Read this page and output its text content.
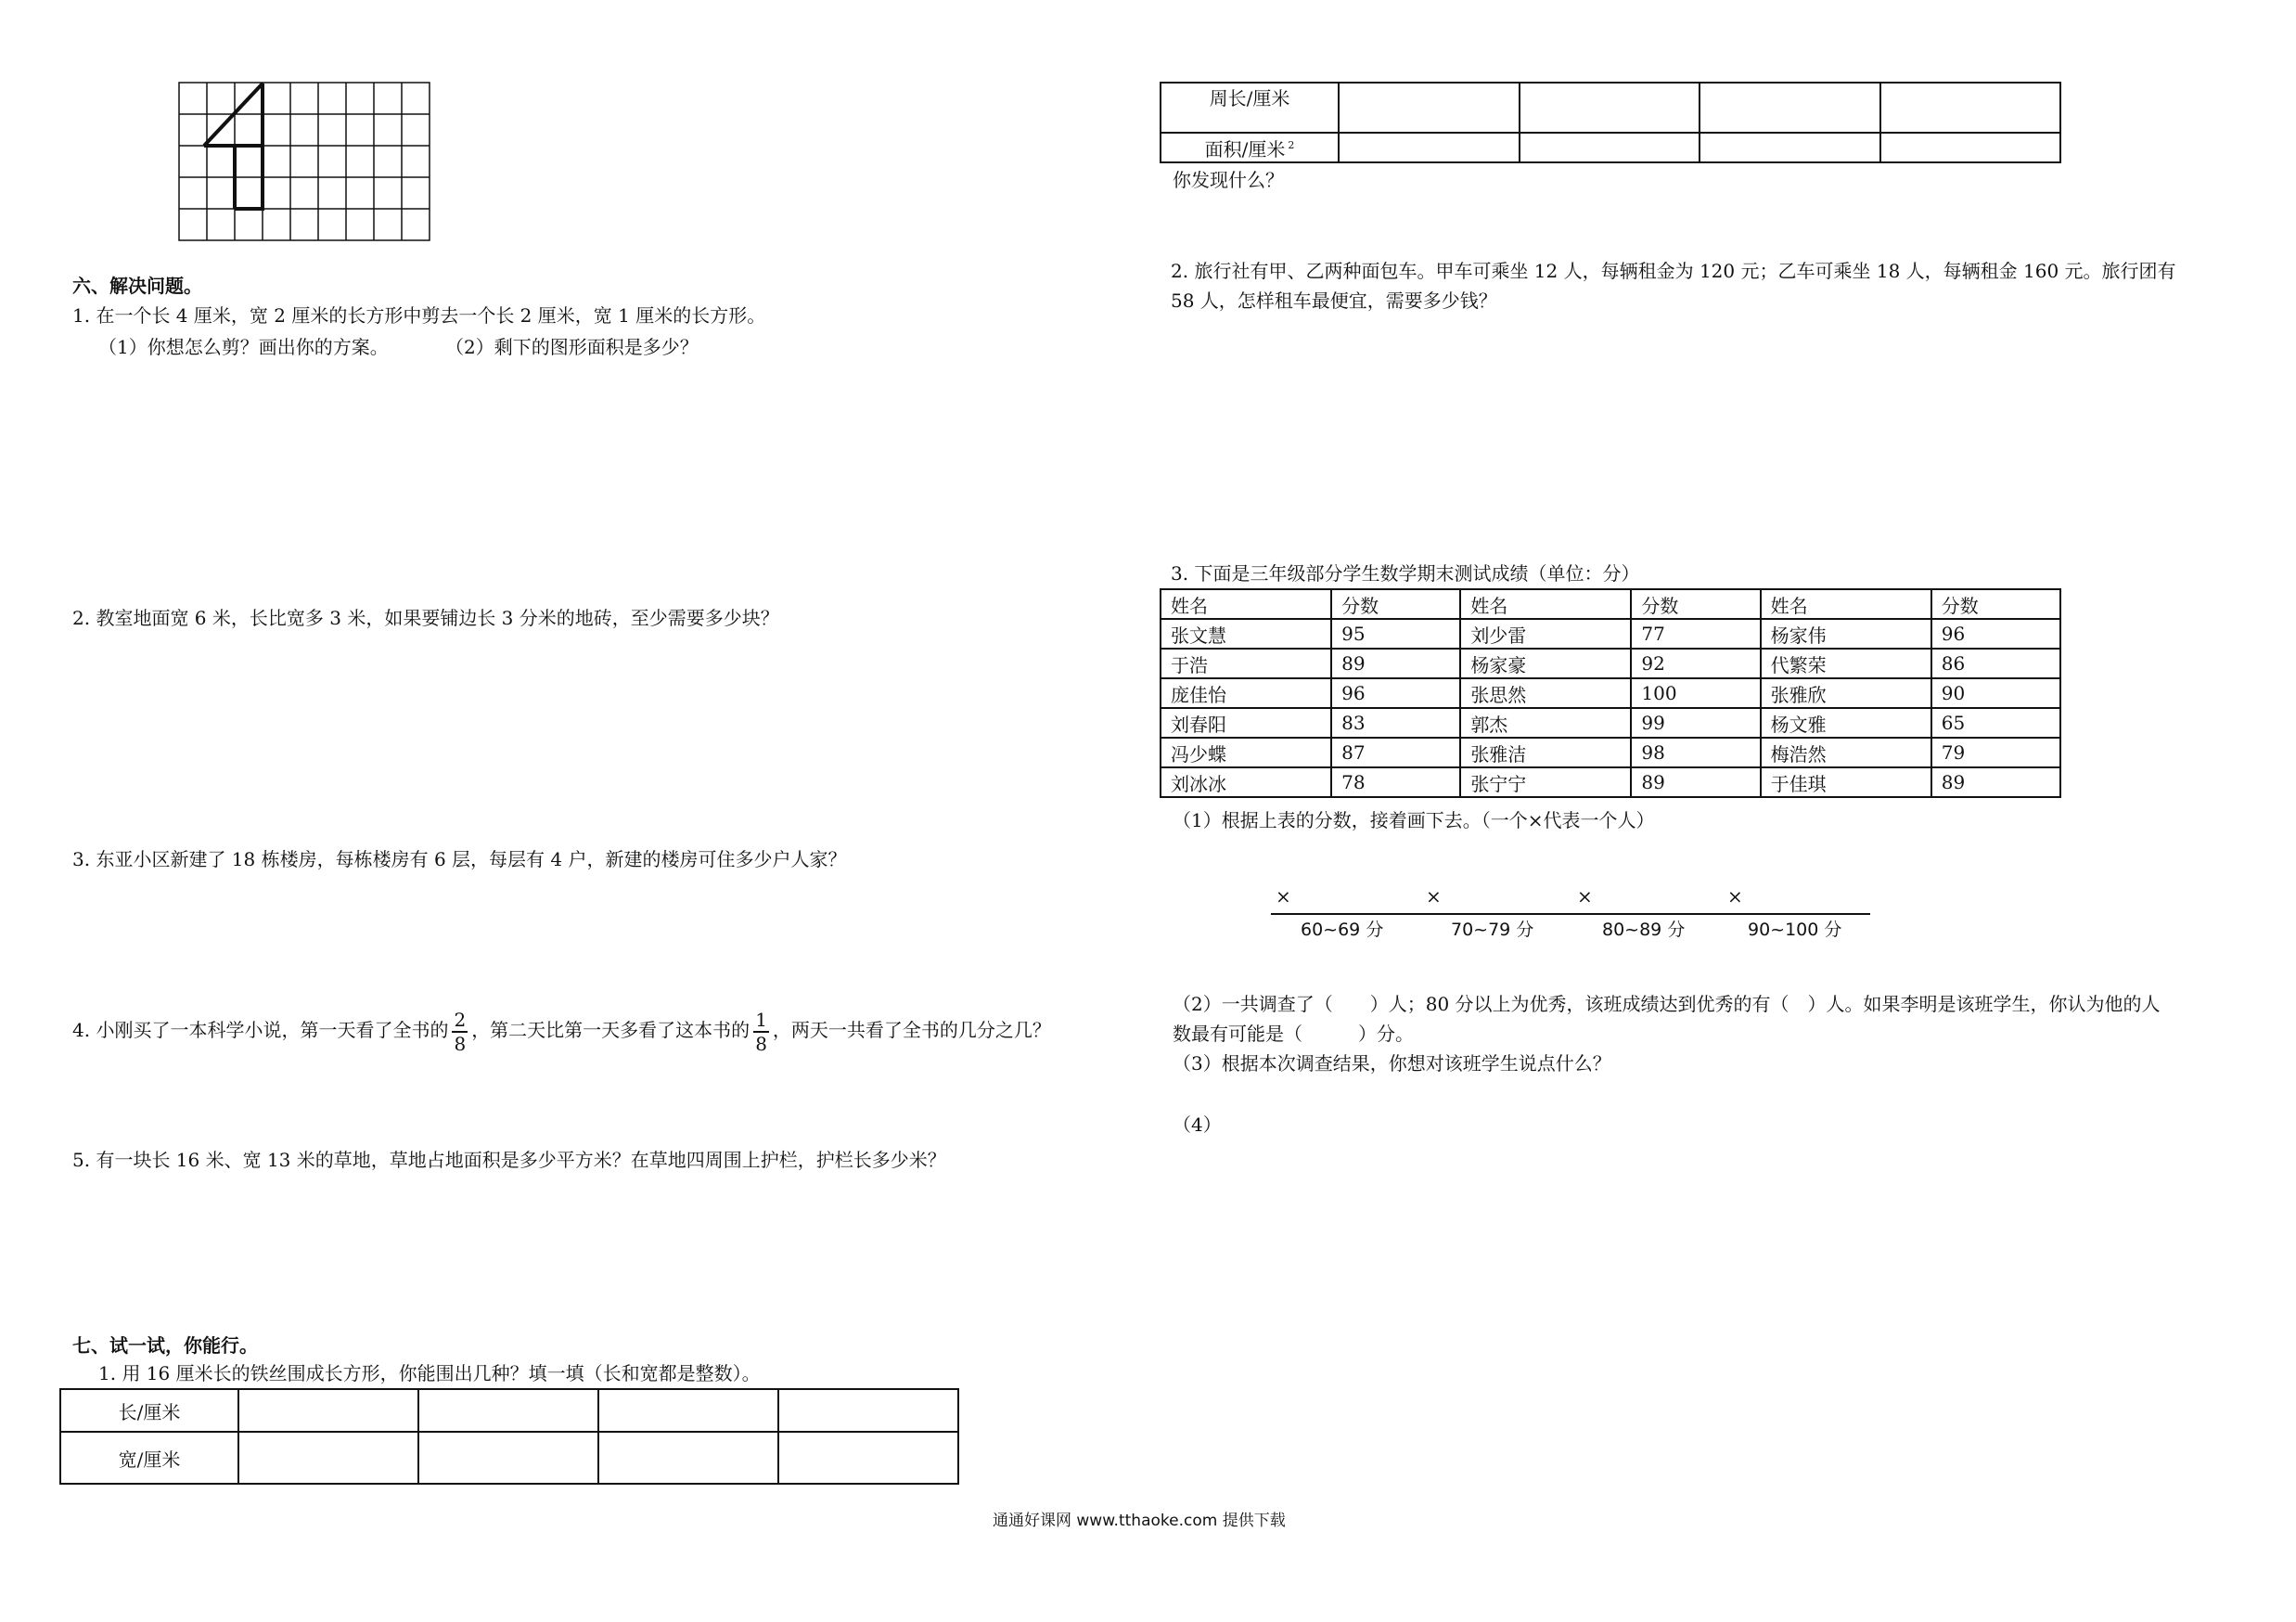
六、解决问题。
1. 在一个长 4 厘米，宽 2 厘米的长方形中剪去一个长 2 厘米，宽 1 厘米的长方形。
（1）你想怎么剪？画出你的方案。	（2）剩下的图形面积是多少？
2. 教室地面宽 6 米，长比宽多 3 米，如果要铺边长 3 分米的地砖，至少需要多少块？
3. 东亚小区新建了 18 栋楼房，每栋楼房有 6 层，每层有 4 户，新建的楼房可住多少户人家？
4. 小刚买了一本科学小说，第一天看了全书的 $\frac{2}{8}$ ，第二天比第一天多看了这本书的 $\frac{1}{8}$ ，两天一共看了全书的几分之几？
5. 有一块长 16 米、宽 13 米的草地，草地占地面积是多少平方米？在草地四周围上护栏，护栏长多少米？
七、试一试，你能行。
1. 用 16 厘米长的铁丝围成长方形，你能围出几种？填一填（长和宽都是整数）。
长/厘米				
宽/厘米				
周长/厘米				
面积/厘米 $^2$				
你发现什么？
2. 旅行社有甲、乙两种面包车。甲车可乘坐 12 人，每辆租金为 120 元；乙车可乘坐 18 人，每辆租金 160 元。旅行团有
58 人，怎样租车最便宜，需要多少钱？
3. 下面是三年级部分学生数学期末测试成绩（单位：分）
姓名	分数	姓名	分数	姓名	分数
张文慧	95	刘少雷	77	杨家伟	96
于浩	89	杨家豪	92	代繁荣	86
庞佳怡	96	张思然	100	张雅欣	90
刘春阳	83	郭杰	99	杨文雅	65
冯少蝶	87	张雅洁	98	梅浩然	79
刘冰冰	78	张宁宁	89	于佳琪	89
（1）根据上表的分数，接着画下去。（一个×代表一个人）
×	×	×	×
60~69 分	70~79 分	80~89 分	90~100 分
（2）一共调查了（　　）人；80 分以上为优秀，该班成绩达到优秀的有（　）人。如果李明是该班学生，你认为他的人
数最有可能是（　　　）分。
（3）根据本次调查结果，你想对该班学生说点什么？
（4）
通通好课网 www.tthaoke.com 提供下载
